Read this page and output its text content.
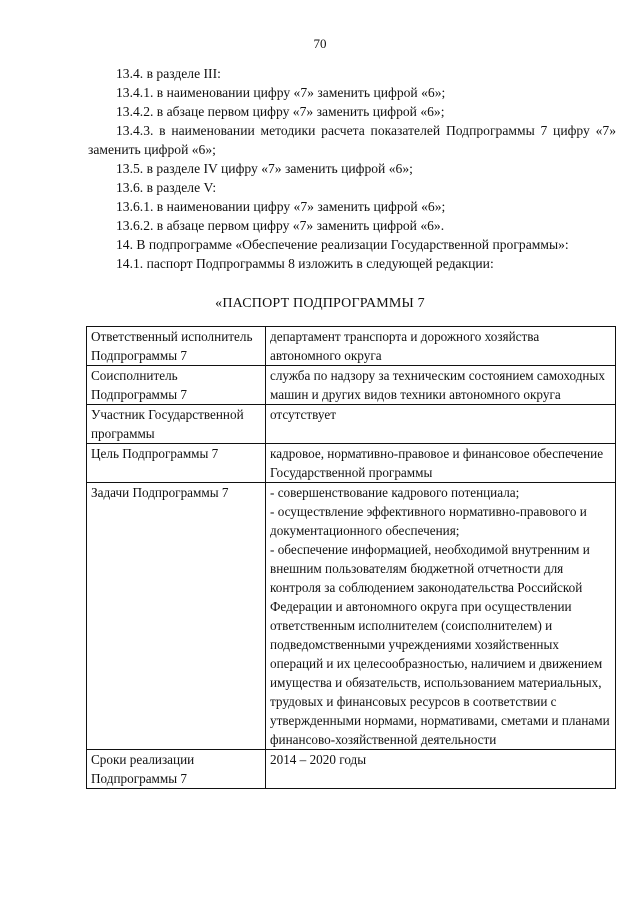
70

13.4. в разделе III:

13.4.1. в наименовании цифру «7» заменить цифрой «6»;

13.4.2. в абзаце первом цифру «7» заменить цифрой «6»;

13.4.3. в наименовании методики расчета показателей Подпрограммы 7 цифру «7» заменить цифрой «6»;

13.5. в разделе IV цифру «7» заменить цифрой «6»;

13.6. в разделе V:

13.6.1. в наименовании цифру «7» заменить цифрой «6»;

13.6.2. в абзаце первом цифру «7» заменить цифрой «6».

14. В подпрограмме «Обеспечение реализации Государственной программы»:

14.1. паспорт Подпрограммы 8 изложить в следующей редакции:

«ПАСПОРТ ПОДПРОГРАММЫ 7
Ответственный исполнитель Подпрограммы 7	департамент транспорта и дорожного хозяйства автономного округа
Соисполнитель Подпрограммы 7	служба по надзору за техническим состоянием самоходных машин и других видов техники автономного округа
Участник Государственной программы	отсутствует
Цель Подпрограммы 7	кадровое, нормативно-правовое и финансовое обеспечение Государственной программы
Задачи Подпрограммы 7	- совершенствование кадрового потенциала;
- осуществление эффективного нормативно-правового и документационного обеспечения;
- обеспечение информацией, необходимой внутренним и внешним пользователям бюджетной отчетности для контроля за соблюдением законодательства Российской Федерации и автономного округа при осуществлении ответственным исполнителем (соисполнителем) и подведомственными учреждениями хозяйственных операций и их целесообразностью, наличием и движением имущества и обязательств, использованием материальных, трудовых и финансовых ресурсов в соответствии с утвержденными нормами, нормативами, сметами и планами финансово-хозяйственной деятельности

Сроки реализации Подпрограммы 7	2014 – 2020 годы
